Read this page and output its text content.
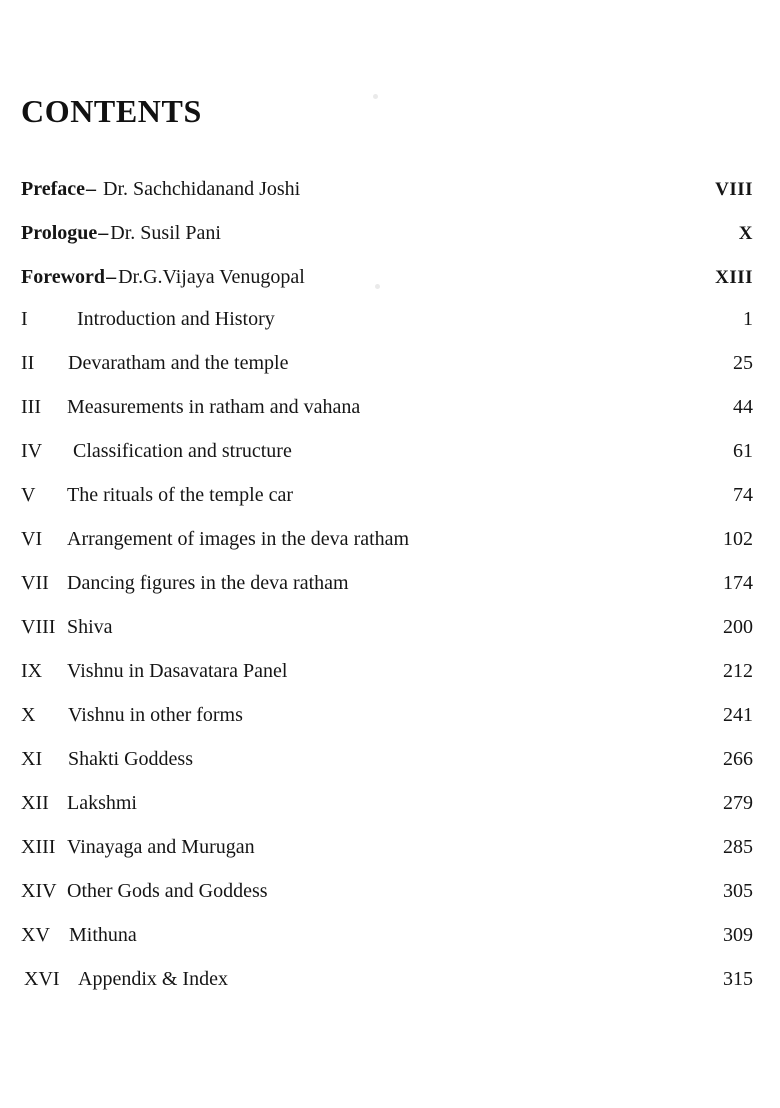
CONTENTS
Preface– Dr. Sachchidanand Joshi	VIII
Prologue– Dr. Susil Pani	X
Foreword– Dr.G.Vijaya Venugopal	XIII
I Introduction and History	1
II Devaratham and the temple	25
III Measurements in ratham and vahana	44
IV Classification and structure	61
V The rituals of the temple car	74
VI Arrangement of images in the deva ratham	102
VII Dancing figures in the deva ratham	174
VIII Shiva	200
IX Vishnu in Dasavatara Panel	212
X Vishnu in other forms	241
XI Shakti Goddess	266
XII Lakshmi	279
XIII Vinayaga and Murugan	285
XIV Other Gods and Goddess	305
XV Mithuna	309
XVI Appendix & Index	315
